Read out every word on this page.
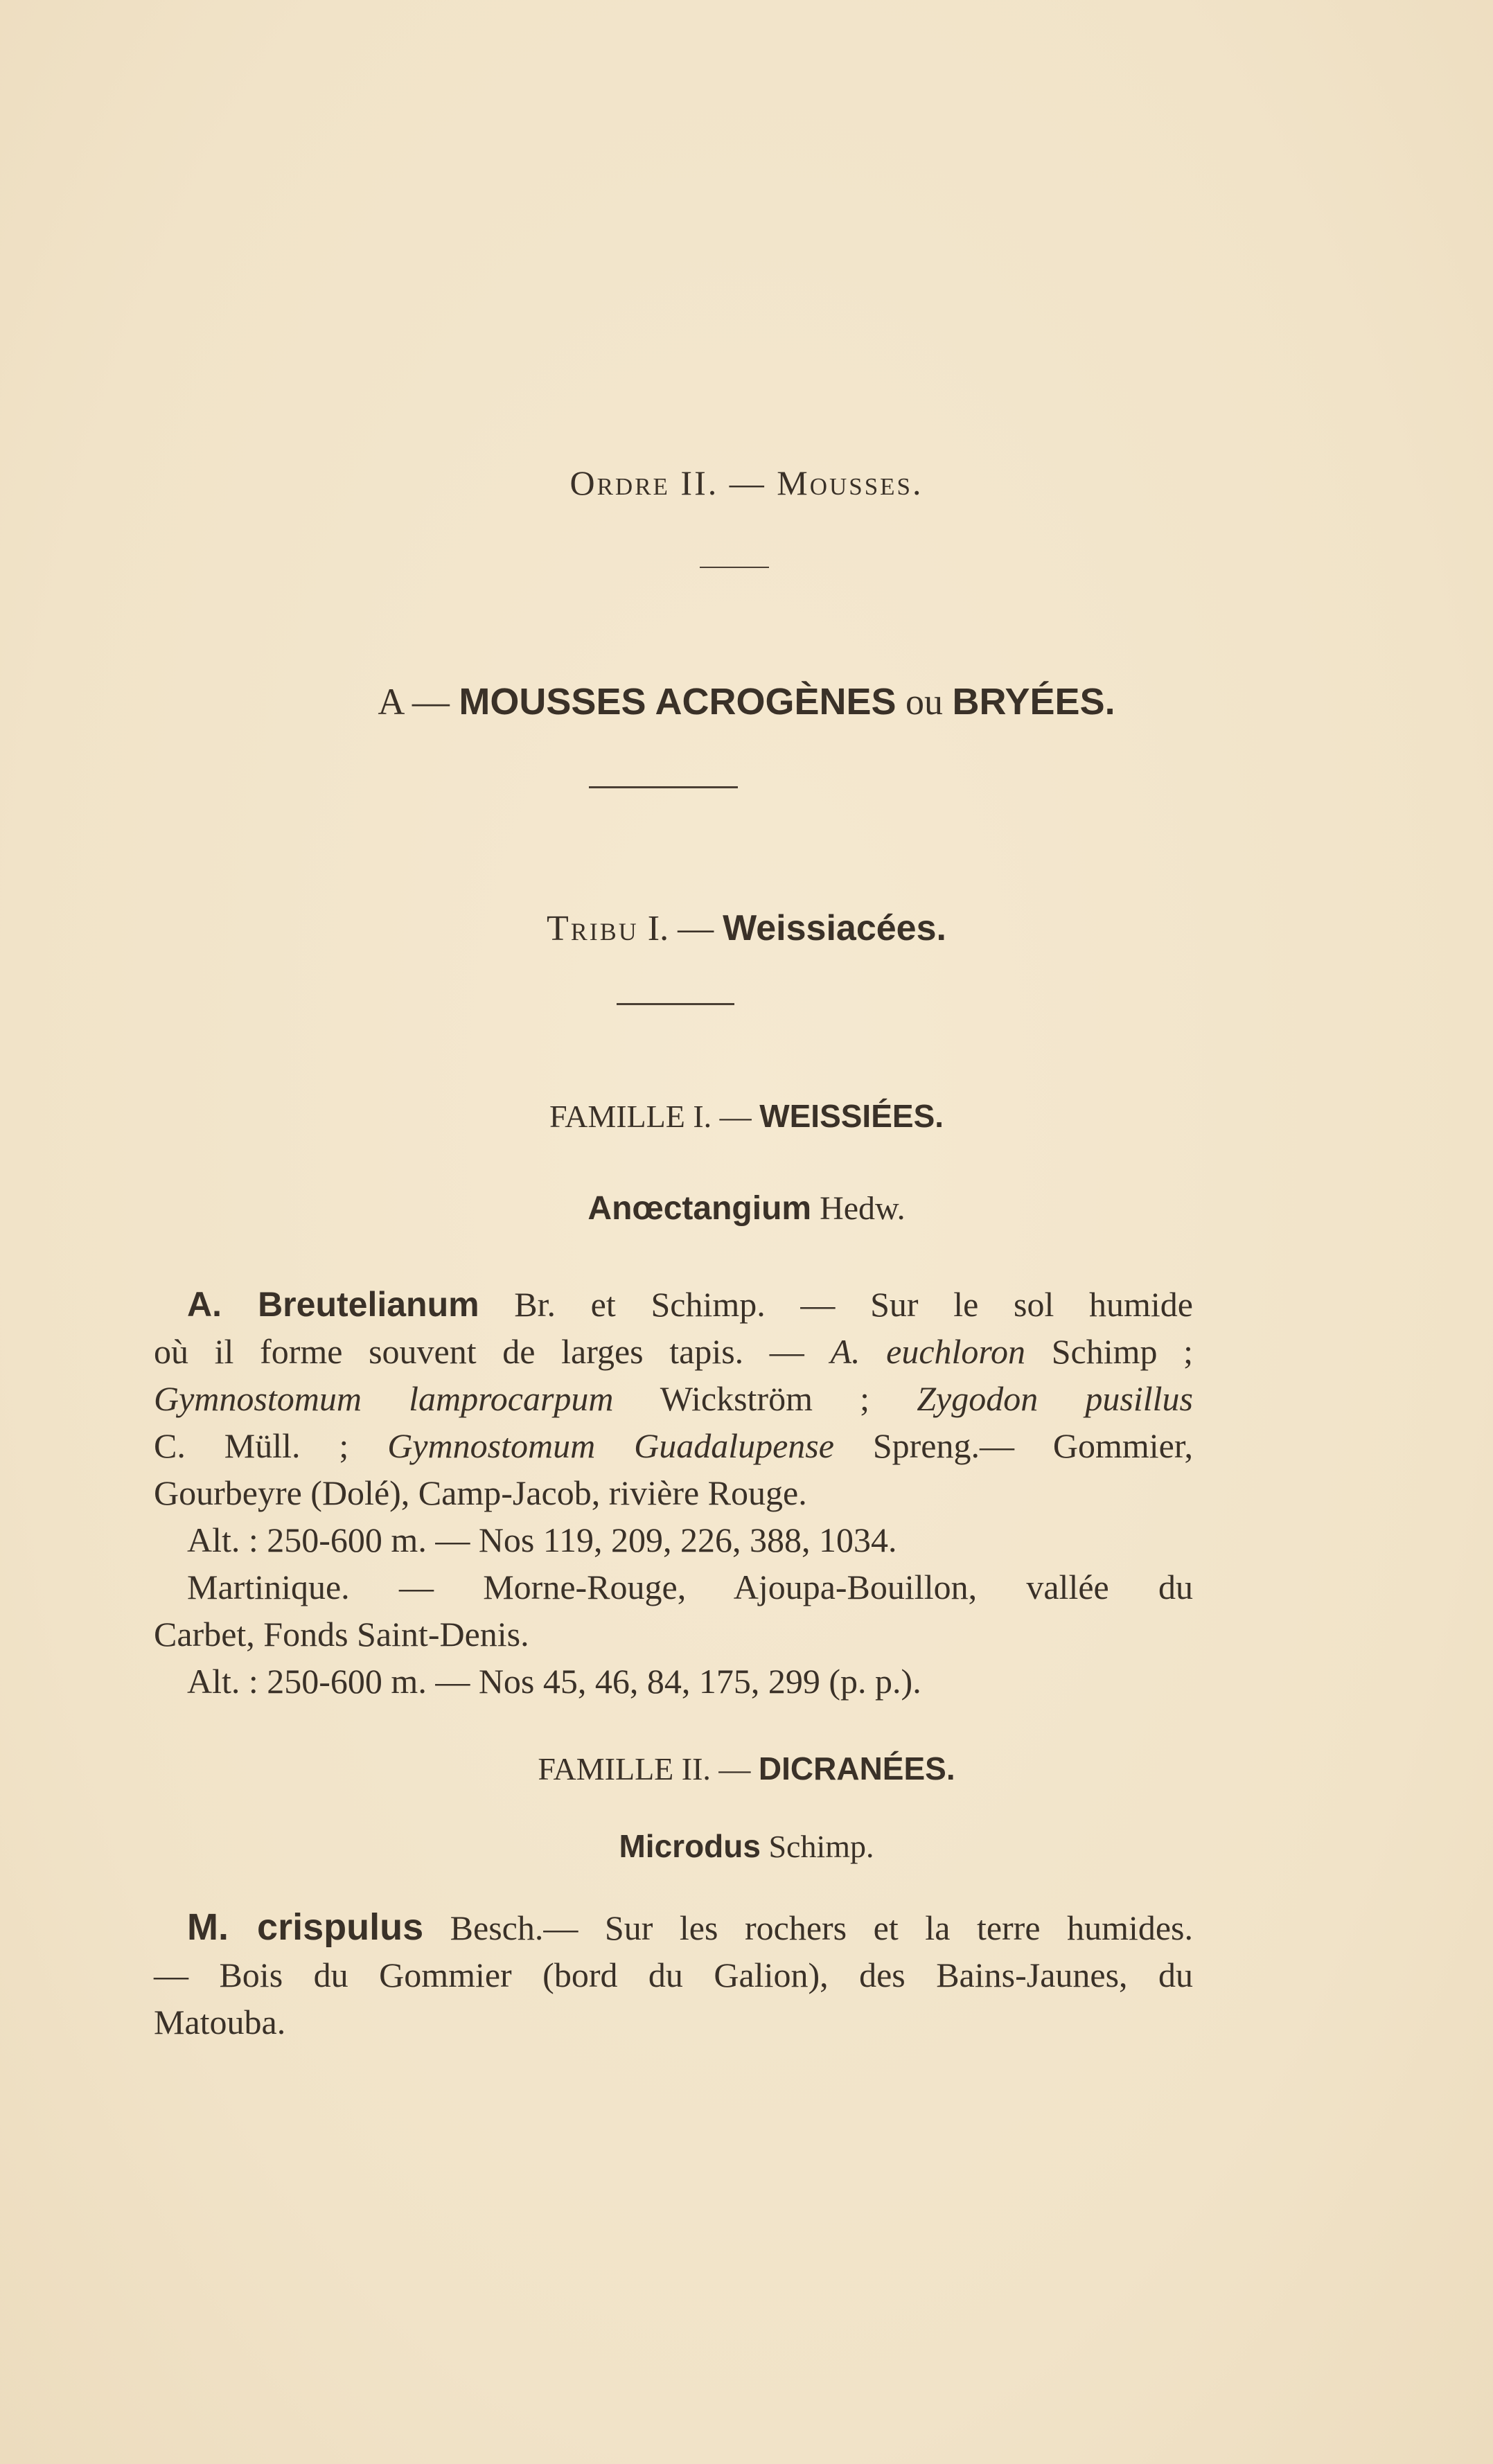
Ordre II. — Mousses.
A — MOUSSES ACROGÈNES ou BRYÉES.
Tribu I. — Weissiacées.
FAMILLE I. — WEISSIÉES.
Anœctangium Hedw.
A. Breutelianum Br. et Schimp. — Sur le sol humide
où il forme souvent de larges tapis. — A. euchloron Schimp ;
Gymnostomum lamprocarpum Wickström ; Zygodon pusillus
C. Müll. ; Gymnostomum Guadalupense Spreng.— Gommier,
Gourbeyre (Dolé), Camp-Jacob, rivière Rouge.
Alt. : 250-600 m. — Nos 119, 209, 226, 388, 1034.
Martinique. — Morne-Rouge, Ajoupa-Bouillon, vallée du
Carbet, Fonds Saint-Denis.
Alt. : 250-600 m. — Nos 45, 46, 84, 175, 299 (p. p.).
FAMILLE II. — DICRANÉES.
Microdus Schimp.
M. crispulus Besch.— Sur les rochers et la terre humides.
— Bois du Gommier (bord du Galion), des Bains-Jaunes, du
Matouba.
